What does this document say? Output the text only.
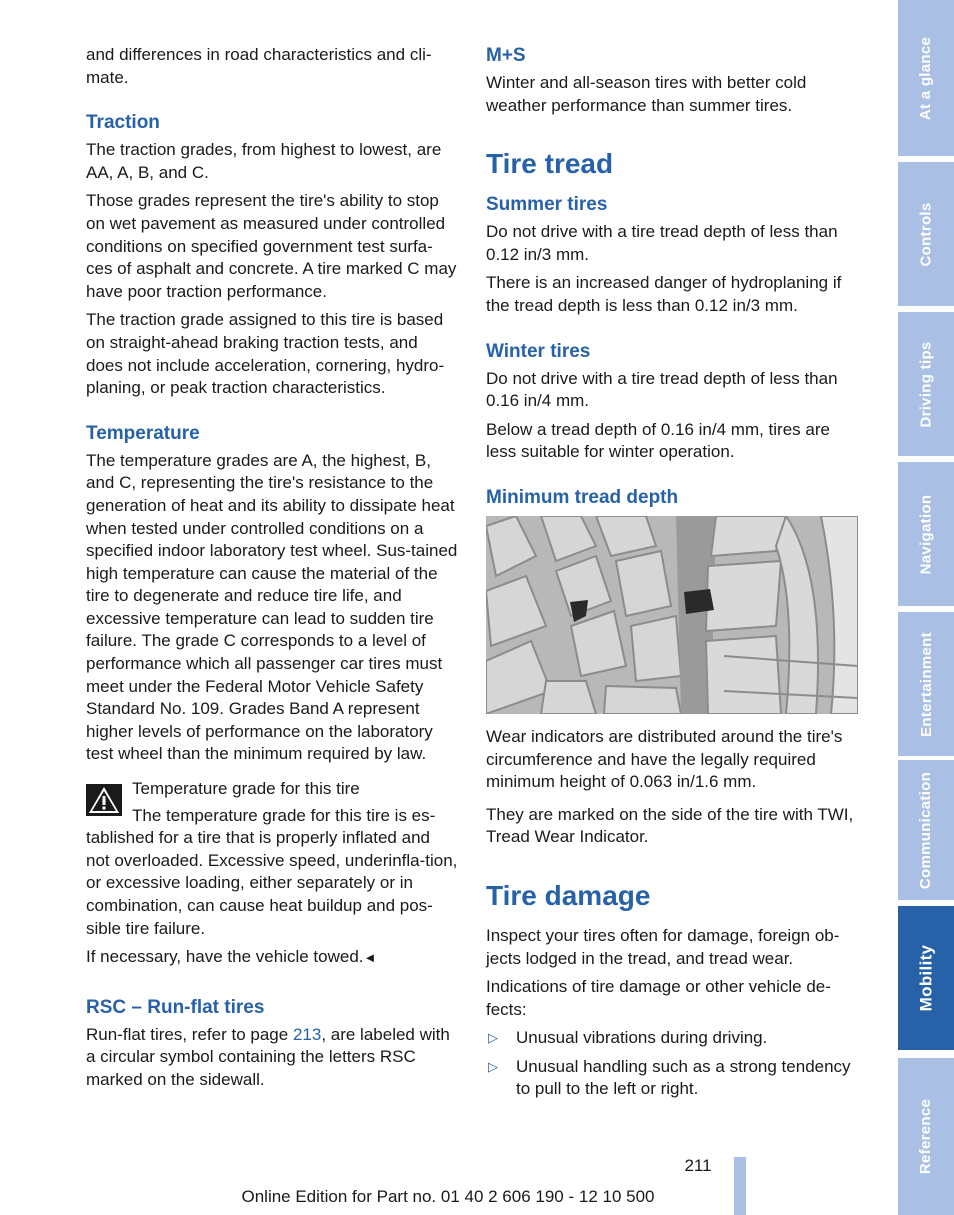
and differences in road characteristics and cli-mate.

Traction

The traction grades, from highest to lowest, are AA, A, B, and C.

Those grades represent the tire's ability to stop on wet pavement as measured under controlled conditions on specified government test surfa-ces of asphalt and concrete. A tire marked C may have poor traction performance.

The traction grade assigned to this tire is based on straight-ahead braking traction tests, and does not include acceleration, cornering, hydro-planing, or peak traction characteristics.

Temperature

The temperature grades are A, the highest, B, and C, representing the tire's resistance to the generation of heat and its ability to dissipate heat when tested under controlled conditions on a specified indoor laboratory test wheel. Sus-tained high temperature can cause the material of the tire to degenerate and reduce tire life, and excessive temperature can lead to sudden tire failure. The grade C corresponds to a level of performance which all passenger car tires must meet under the Federal Motor Vehicle Safety Standard No. 109. Grades Band A represent higher levels of performance on the laboratory test wheel than the minimum required by law.

Temperature grade for this tire

The temperature grade for this tire is es-tablished for a tire that is properly inflated and not overloaded. Excessive speed, underinfla-tion, or excessive loading, either separately or in combination, can cause heat buildup and pos-sible tire failure.

If necessary, have the vehicle towed.◄

RSC – Run-flat tires

Run-flat tires, refer to page 213, are labeled with a circular symbol containing the letters RSC marked on the sidewall.

M+S

Winter and all-season tires with better cold weather performance than summer tires.

Tire tread
Summer tires

Do not drive with a tire tread depth of less than 0.12 in/3 mm.

There is an increased danger of hydroplaning if the tread depth is less than 0.12 in/3 mm.

Winter tires

Do not drive with a tire tread depth of less than 0.16 in/4 mm.

Below a tread depth of 0.16 in/4 mm, tires are less suitable for winter operation.

Minimum tread depth

Wear indicators are distributed around the tire's circumference and have the legally required minimum height of 0.063 in/1.6 mm.

They are marked on the side of the tire with TWI, Tread Wear Indicator.

Tire damage

Inspect your tires often for damage, foreign ob-jects lodged in the tread, and tread wear.

Indications of tire damage or other vehicle de-fects:

▷ Unusual vibrations during driving.

▷ Unusual handling such as a strong tendency to pull to the left or right.

At a glance
Controls
Driving tips
Navigation
Entertainment
Communication
Mobility
Reference
211
Online Edition for Part no. 01 40 2 606 190 - 12 10 500
